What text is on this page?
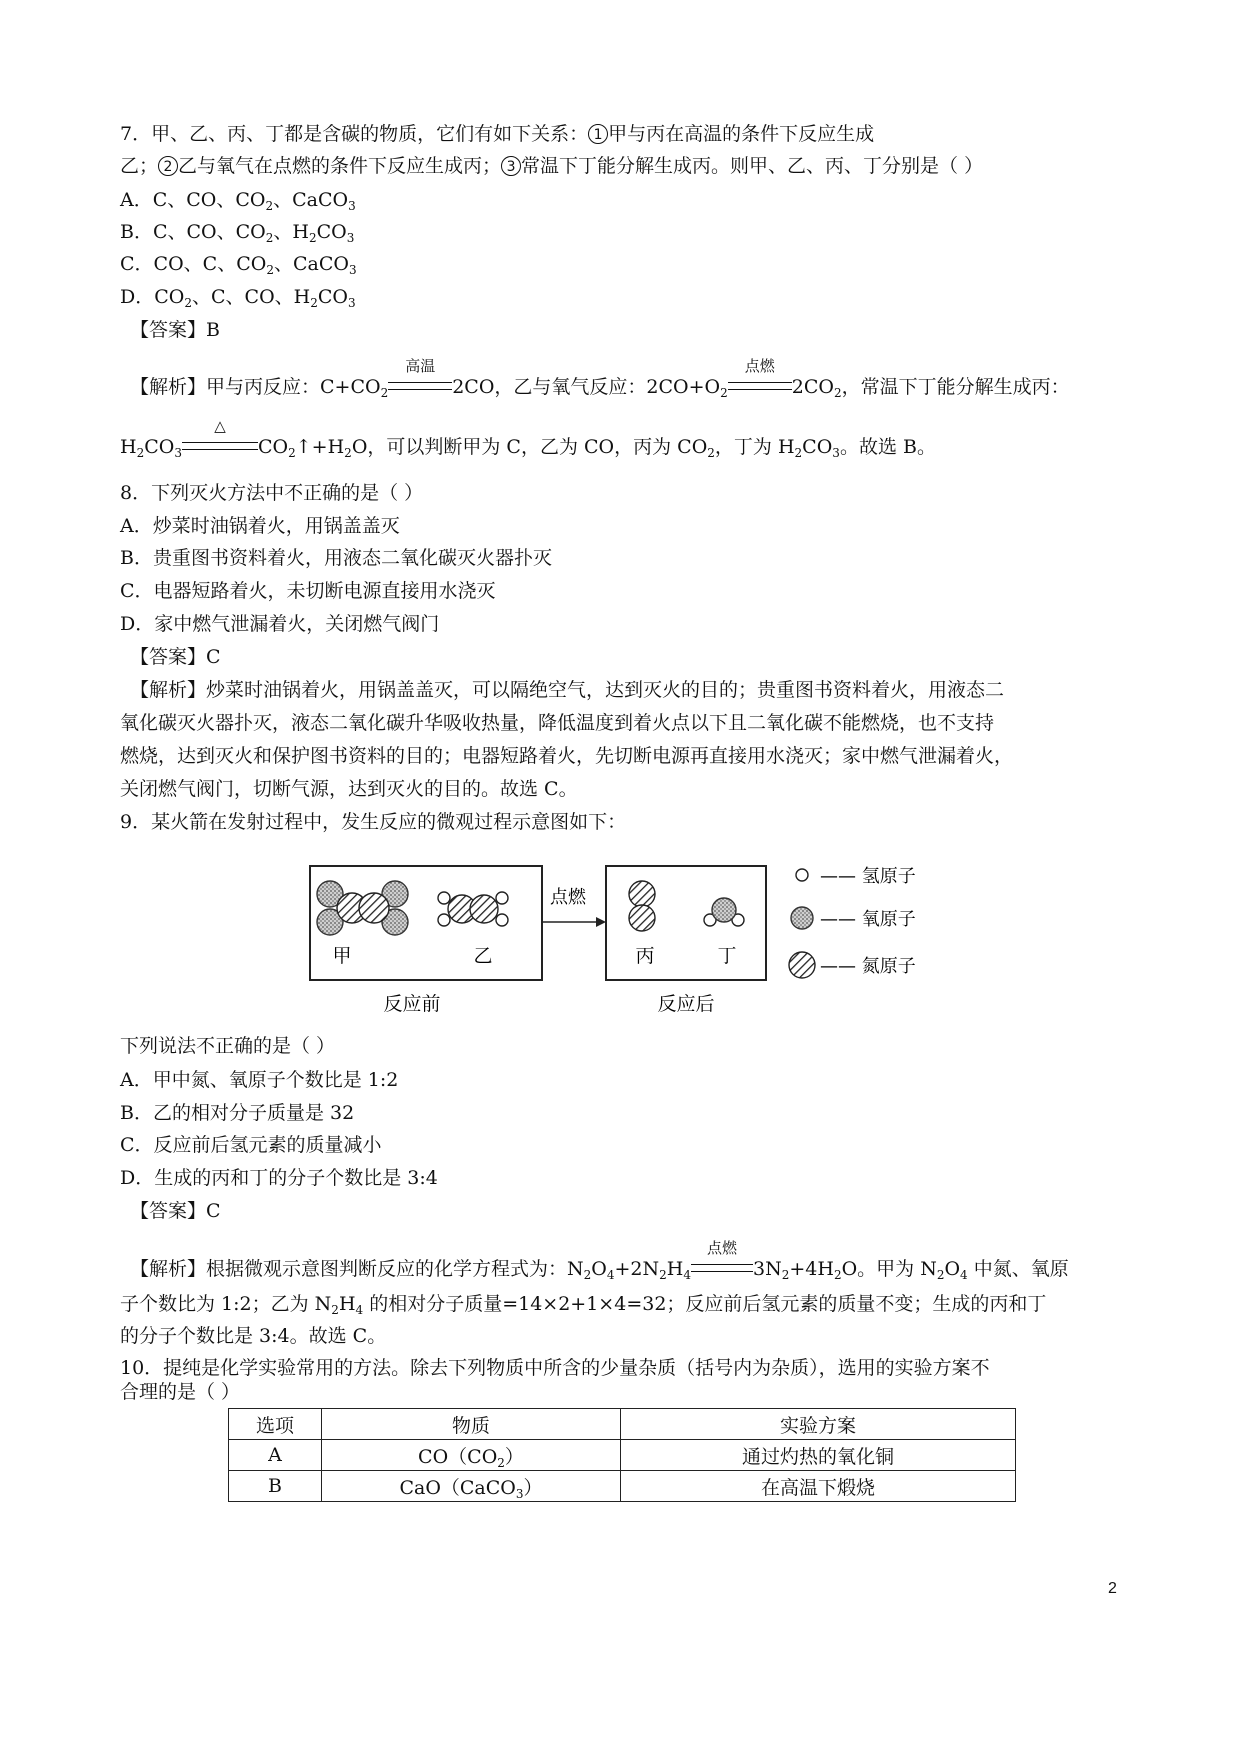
7．甲、乙、丙、丁都是含碳的物质，它们有如下关系： 1 甲与丙在高温的条件下反应生成
乙； 2 乙与氧气在点燃的条件下反应生成丙； 3 常温下丁能分解生成丙。则甲、乙、丙、丁分别是（ ）
A．C、CO、$CO_2$、CaCO$_3$
B．C、CO、$CO_2$、$H_2CO_3$
C．CO、C、$CO_2$、CaCO$_3$
D．$CO_2$、C、CO、$H_2CO_3$
【答案】B
【解析】甲与丙反应：$C+CO_2$
高温
2CO，乙与氧气反应：$2CO+O_2$
点燃
$2CO_2$，常温下丁能分解生成丙：
$H_2CO_3$
△
$CO_2↑+H_2O$，可以判断甲为 C，乙为 CO，丙为 $CO_2$，丁为 $H_2CO_3$。故选 B。
8．下列灭火方法中不正确的是（ ）
A．炒菜时油锅着火，用锅盖盖灭
B．贵重图书资料着火，用液态二氧化碳灭火器扑灭
C．电器短路着火，未切断电源直接用水浇灭
D．家中燃气泄漏着火，关闭燃气阀门
【答案】C
【解析】炒菜时油锅着火，用锅盖盖灭，可以隔绝空气，达到灭火的目的；贵重图书资料着火，用液态二
氧化碳灭火器扑灭，液态二氧化碳升华吸收热量，降低温度到着火点以下且二氧化碳不能燃烧，也不支持
燃烧，达到灭火和保护图书资料的目的；电器短路着火，先切断电源再直接用水浇灭；家中燃气泄漏着火，
关闭燃气阀门，切断气源，达到灭火的目的。故选 C。
9．某火箭在发射过程中，发生反应的微观过程示意图如下：
甲	乙
反应前
点燃
丙	丁
反应后
—— 氢原子
—— 氧原子
—— 氮原子
下列说法不正确的是（ ）
A．甲中氮、氧原子个数比是 1:2
B．乙的相对分子质量是 32
C．反应前后氢元素的质量减小
D．生成的丙和丁的分子个数比是 3:4
【答案】C
【解析】根据微观示意图判断反应的化学方程式为：$N_2O_4+2N_2H_4$
点燃
$3N_2+4H_2O$。甲为 $N_2O_4$ 中氮、氧原
子个数比为 1:2；乙为 $N_2H_4$ 的相对分子质量=14×2+1×4=32；反应前后氢元素的质量不变；生成的丙和丁
的分子个数比是 3:4。故选 C。
10．提纯是化学实验常用的方法。除去下列物质中所含的少量杂质（括号内为杂质），选用的实验方案不
合理的是（ ）
选项	物质	实验方案
A	$CO(CO_2)$	通过灼热的氧化铜
B	CaO（CaCO$_3$）	在高温下煅烧
2
